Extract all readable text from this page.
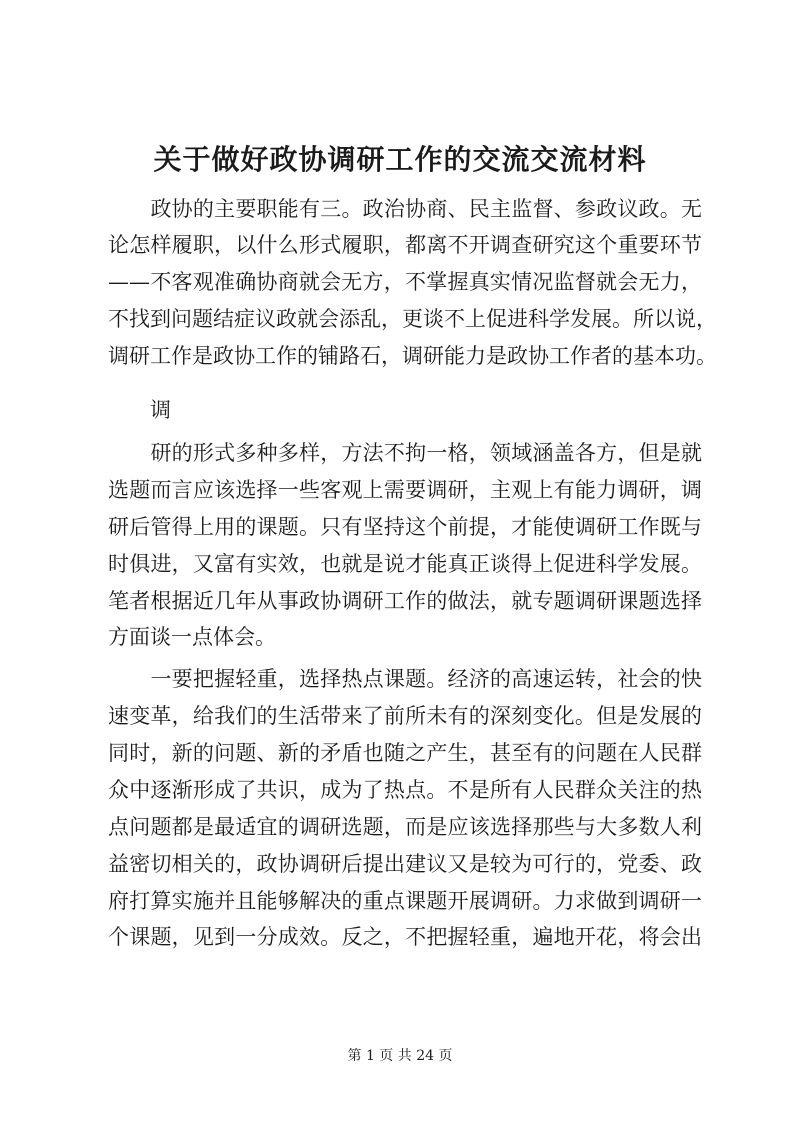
关于做好政协调研工作的交流交流材料
　　政协的主要职能有三。政治协商、民主监督、参政议政。无
论怎样履职，以什么形式履职，都离不开调查研究这个重要环节
——不客观准确协商就会无方，不掌握真实情况监督就会无力，
不找到问题结症议政就会添乱，更谈不上促进科学发展。所以说，
调研工作是政协工作的铺路石，调研能力是政协工作者的基本功。
　　调
　　研的形式多种多样，方法不拘一格，领域涵盖各方，但是就
选题而言应该选择一些客观上需要调研，主观上有能力调研，调
研后管得上用的课题。只有坚持这个前提，才能使调研工作既与
时俱进，又富有实效，也就是说才能真正谈得上促进科学发展。
笔者根据近几年从事政协调研工作的做法，就专题调研课题选择
方面谈一点体会。
　　一要把握轻重，选择热点课题。经济的高速运转，社会的快
速变革，给我们的生活带来了前所未有的深刻变化。但是发展的
同时，新的问题、新的矛盾也随之产生，甚至有的问题在人民群
众中逐渐形成了共识，成为了热点。不是所有人民群众关注的热
点问题都是最适宜的调研选题，而是应该选择那些与大多数人利
益密切相关的，政协调研后提出建议又是较为可行的，党委、政
府打算实施并且能够解决的重点课题开展调研。力求做到调研一
个课题，见到一分成效。反之，不把握轻重，遍地开花，将会出
第 1 页 共 24 页
